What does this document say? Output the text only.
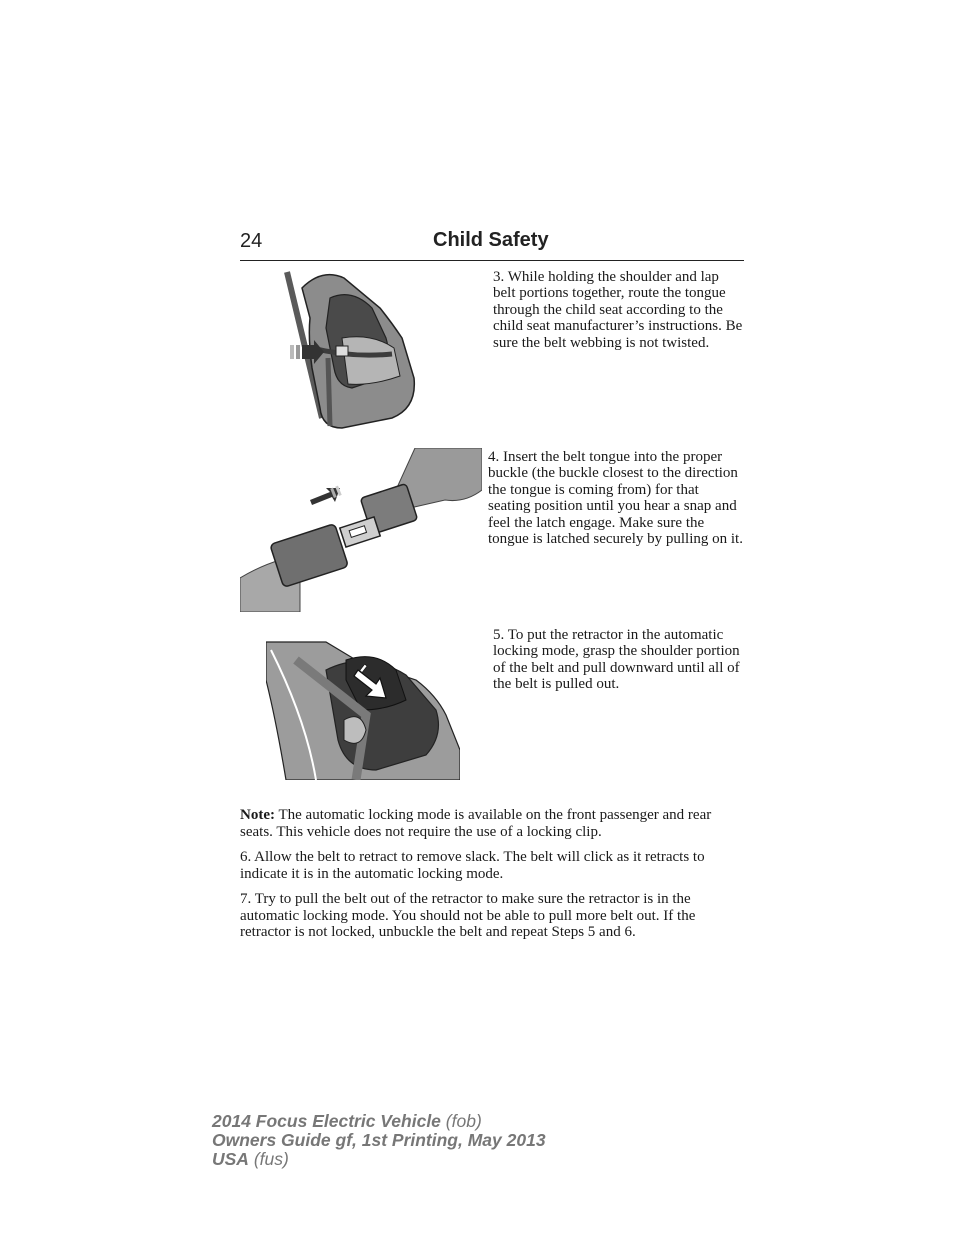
24	Child Safety
3. While holding the shoulder and lap belt portions together, route the tongue through the child seat according to the child seat manufacturer’s instructions. Be sure the belt webbing is not twisted.
4. Insert the belt tongue into the proper buckle (the buckle closest to the direction the tongue is coming from) for that seating position until you hear a snap and feel the latch engage. Make sure the tongue is latched securely by pulling on it.
5. To put the retractor in the automatic locking mode, grasp the shoulder portion of the belt and pull downward until all of the belt is pulled out.
Note: The automatic locking mode is available on the front passenger and rear seats. This vehicle does not require the use of a locking clip.
6. Allow the belt to retract to remove slack. The belt will click as it retracts to indicate it is in the automatic locking mode.
7. Try to pull the belt out of the retractor to make sure the retractor is in the automatic locking mode. You should not be able to pull more belt out. If the retractor is not locked, unbuckle the belt and repeat Steps 5 and 6.
2014 Focus Electric Vehicle (fob)
Owners Guide gf, 1st Printing, May 2013
USA (fus)
